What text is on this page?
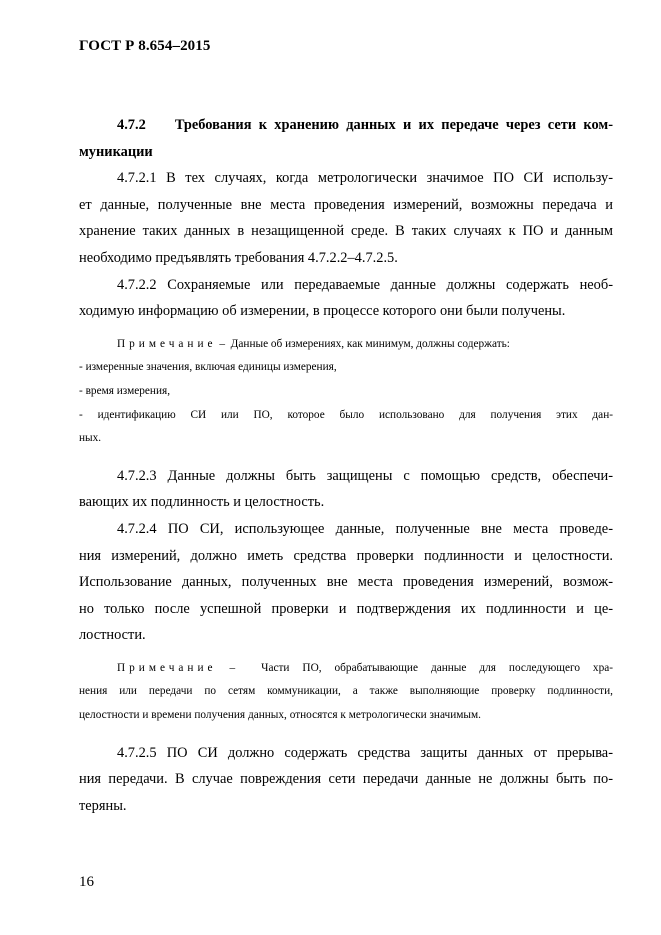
ГОСТ Р 8.654–2015
4.7.2 Требования к хранению данных и их передаче через сети ком-
муникации
4.7.2.1 В тех случаях, когда метрологически значимое ПО СИ использу-
ет данные, полученные вне места проведения измерений, возможны передача и
хранение таких данных в незащищенной среде. В таких случаях к ПО и данным
необходимо предъявлять требования 4.7.2.2–4.7.2.5.
4.7.2.2 Сохраняемые или передаваемые данные должны содержать необ-
ходимую информацию об измерении, в процессе которого они были получены.
Примечание –  Данные об измерениях, как минимум, должны содержать:
- измеренные значения, включая единицы измерения,
- время измерения,
- идентификацию СИ или ПО, которое было использовано для получения этих дан-
ных.
4.7.2.3 Данные должны быть защищены с помощью средств, обеспечи-
вающих их подлинность и целостность.
4.7.2.4 ПО СИ, использующее данные, полученные вне места проведе-
ния измерений, должно иметь средства проверки подлинности и целостности.
Использование данных, полученных вне места проведения измерений, возмож-
но только после успешной проверки и подтверждения их подлинности и це-
лостности.
Примечание –  Части ПО, обрабатывающие данные для последующего хра-
нения или передачи по сетям коммуникации, а также выполняющие проверку подлинности,
целостности и времени получения данных, относятся к метрологически значимым.
4.7.2.5 ПО СИ должно содержать средства защиты данных от прерыва-
ния передачи. В случае повреждения сети передачи данные не должны быть по-
теряны.
16
